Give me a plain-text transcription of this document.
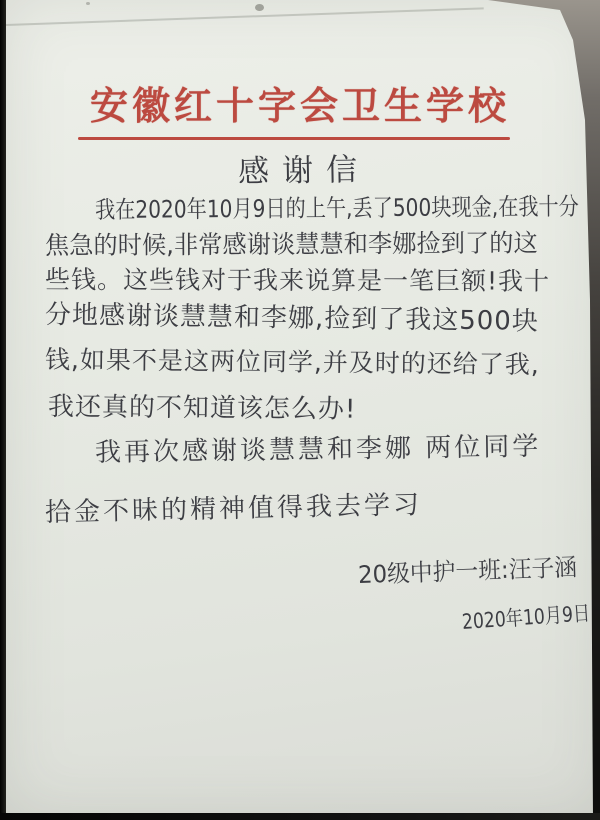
安徽红十字会卫生学校
感谢信
我在2020年10月9日的上午,丢了500块现金,在我十分
焦急的时候,非常感谢谈慧慧和李娜捡到了的这
些钱。这些钱对于我来说算是一笔巨额!我十
分地感谢谈慧慧和李娜,捡到了我这500块
钱,如果不是这两位同学,并及时的还给了我,
我还真的不知道该怎么办!
我再次感谢谈慧慧和李娜 两位同学
拾金不昧的精神值得我去学习
20级中护一班:汪子涵
2020年10月9日
